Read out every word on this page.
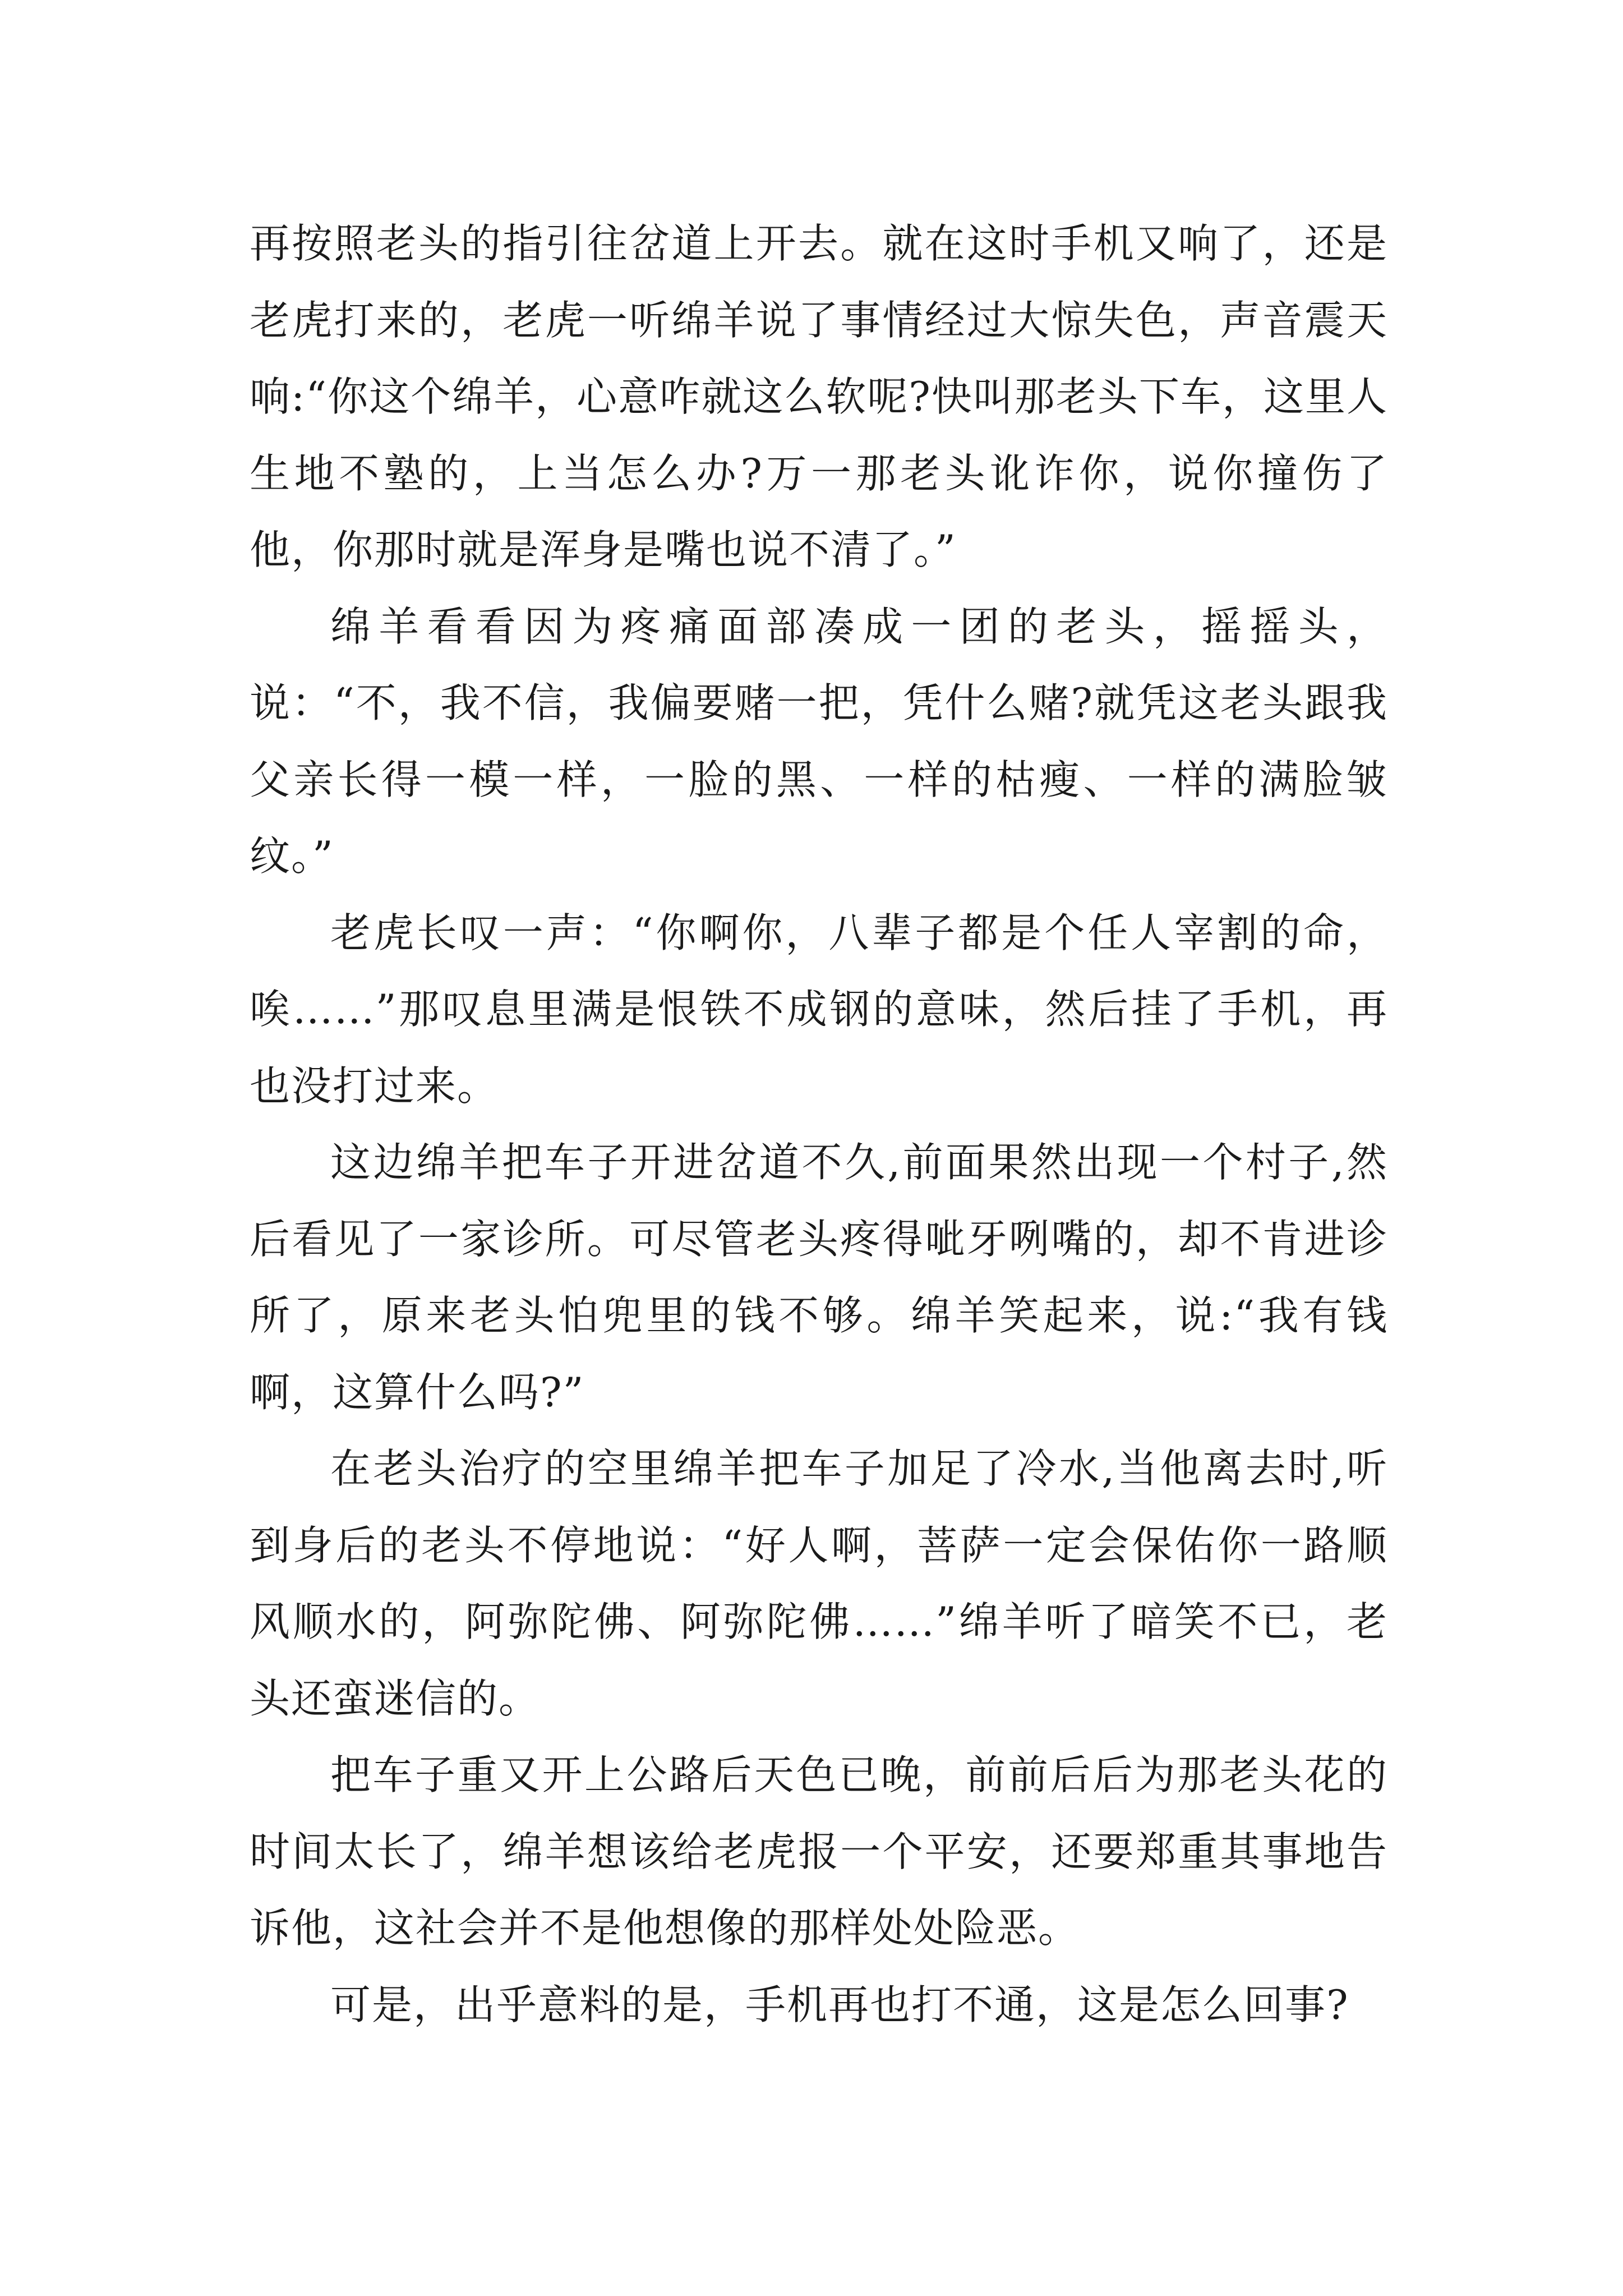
再按照老头的指引往岔道上开去。就在这时手机又响了，还是老虎打来的，老虎一听绵羊说了事情经过大惊失色，声音震天响:“你这个绵羊，心意咋就这么软呢?快叫那老头下车，这里人生地不塾的，上当怎么办?万一那老头讹诈你，说你撞伤了他，你那时就是浑身是嘴也说不清了。”

绵羊看看因为疼痛面部凑成一团的老头，摇摇头，说：“不，我不信，我偏要赌一把，凭什么赌?就凭这老头跟我父亲长得一模一样，一脸的黑、一样的枯瘦、一样的满脸皱纹。”

老虎长叹一声：“你啊你，八辈子都是个任人宰割的命，唉……”那叹息里满是恨铁不成钢的意味，然后挂了手机，再也没打过来。

这边绵羊把车子开进岔道不久,前面果然出现一个村子,然后看见了一家诊所。可尽管老头疼得呲牙咧嘴的，却不肯进诊所了，原来老头怕兜里的钱不够。绵羊笑起来，说:“我有钱啊，这算什么吗?”

在老头治疗的空里绵羊把车子加足了冷水,当他离去时,听到身后的老头不停地说：“好人啊，菩萨一定会保佑你一路顺风顺水的，阿弥陀佛、阿弥陀佛……”绵羊听了暗笑不已，老头还蛮迷信的。

把车子重又开上公路后天色已晚，前前后后为那老头花的时间太长了，绵羊想该给老虎报一个平安，还要郑重其事地告诉他，这社会并不是他想像的那样处处险恶。

可是，出乎意料的是，手机再也打不通，这是怎么回事?
